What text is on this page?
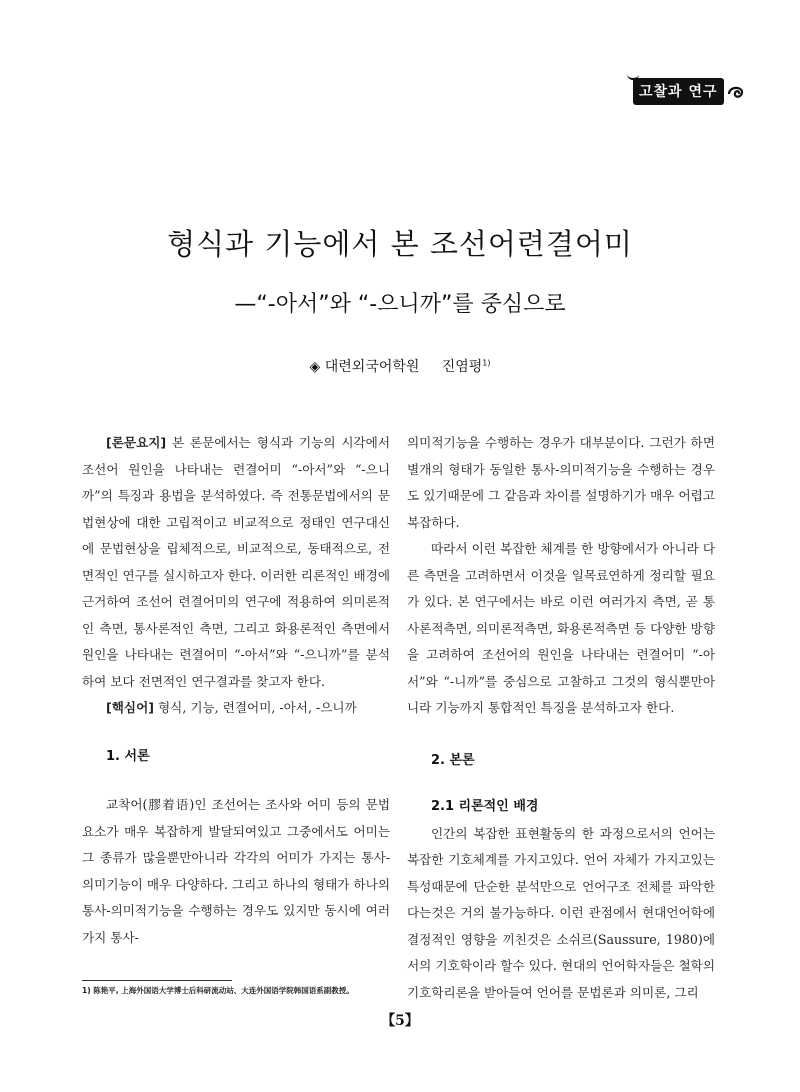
고찰과 연구
형식과 기능에서 본 조선어련결어미
—“-아서”와 “-으니까”를 중심으로
◈ 대련외국어학원 진염평$^{1)}$

[론문요지] 본 론문에서는 형식과 기능의 시각에서 조선어 원인을 나타내는 련결어미 “-아서”와 “-으니까”의 특징과 용법을 분석하였다. 즉 전통문법에서의 문법현상에 대한 고립적이고 비교적으로 정태인 연구대신에 문법현상을 립체적으로, 비교적으로, 동태적으로, 전면적인 연구를 실시하고자 한다. 이러한 리론적인 배경에 근거하여 조선어 련결어미의 연구에 적용하여 의미론적인 측면, 통사론적인 측면, 그리고 화용론적인 측면에서 원인을 나타내는 련결어미 “-아서”와 “-으니까”를 분석하여 보다 전면적인 연구결과를 찾고자 한다.

[핵심어] 형식, 기능, 련결어미, -아서, -으니까

1. 서론

교착어(膠着语)인 조선어는 조사와 어미 등의 문법요소가 매우 복잡하게 발달되여있고 그중에서도 어미는 그 종류가 많을뿐만아니라 각각의 어미가 가지는 통사-의미기능이 매우 다양하다. 그리고 하나의 형태가 하나의 통사-의미적기능을 수행하는 경우도 있지만 동시에 여러가지 통사-

의미적기능을 수행하는 경우가 대부분이다. 그런가 하면 별개의 형태가 동일한 통사-의미적기능을 수행하는 경우도 있기때문에 그 같음과 차이를 설명하기가 매우 어렵고 복잡하다.

따라서 이런 복잡한 체계를 한 방향에서가 아니라 다른 측면을 고려하면서 이것을 일목료연하게 정리할 필요가 있다. 본 연구에서는 바로 이런 여러가지 측면, 곧 통사론적측면, 의미론적측면, 화용론적측면 등 다양한 방향을 고려하여 조선어의 원인을 나타내는 련결어미 “-아서”와 “-니까”를 중심으로 고찰하고 그것의 형식뿐만아니라 기능까지 통합적인 특징을 분석하고자 한다.

2. 본론

2.1 리론적인 배경

인간의 복잡한 표현활동의 한 과정으로서의 언어는 복잡한 기호체계를 가지고있다. 언어 자체가 가지고있는 특성때문에 단순한 분석만으로 언어구조 전체를 파악한다는것은 거의 불가능하다. 이런 관점에서 현대언어학에 결정적인 영향을 끼친것은 소쉬르(Saussure, 1980)에서의 기호학이라 할수 있다. 현대의 언어학자들은 철학의 기호학리론을 받아들여 언어를 문법론과 의미론, 그리

1) 陈艳平, 上海外国语大学博士后科研流动站、大连外国语学院韩国语系副教授。
【5】
